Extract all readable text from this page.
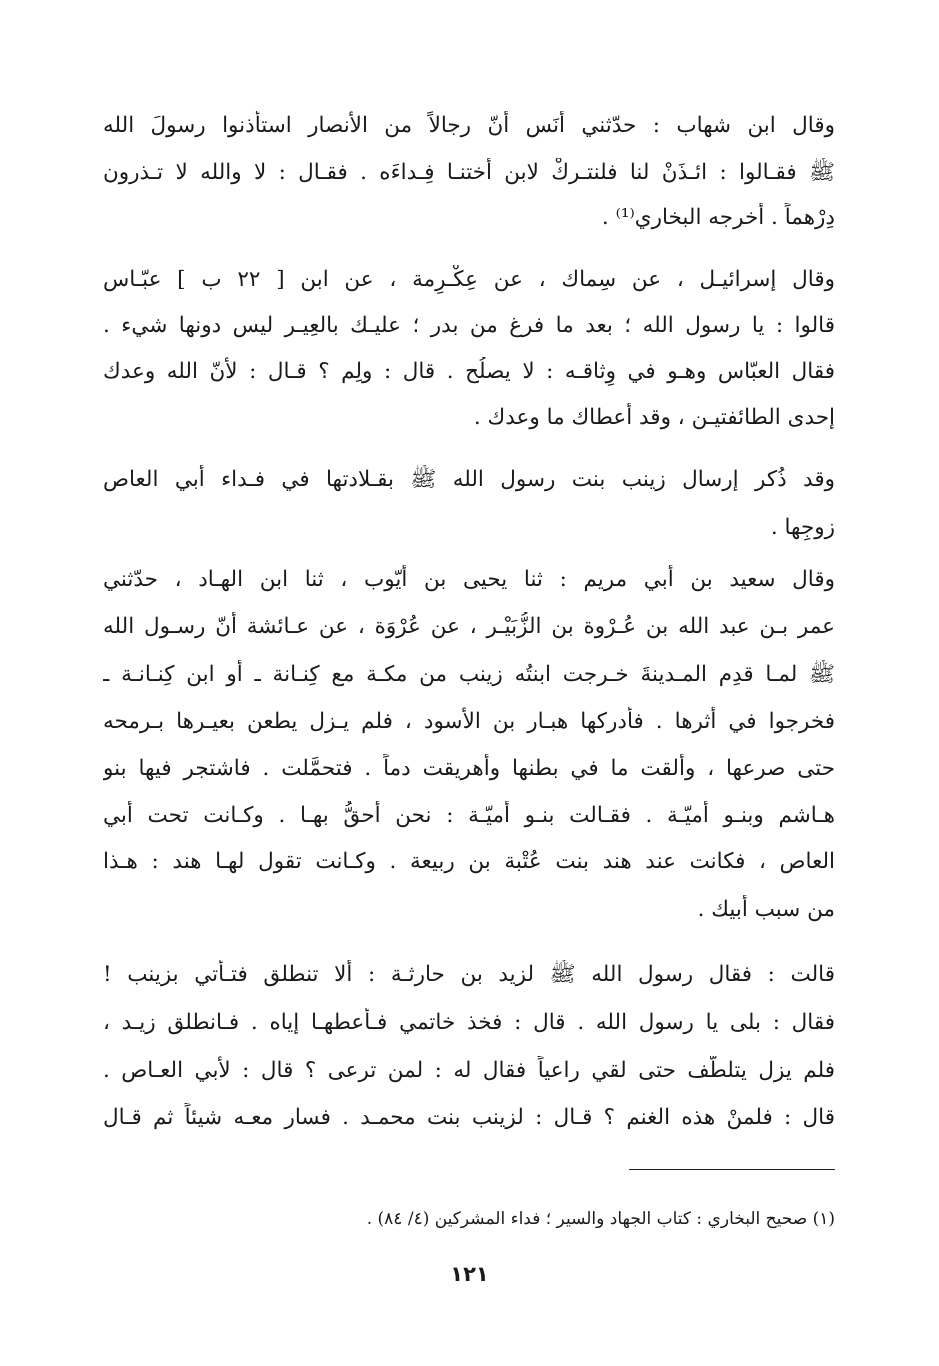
وقال ابن شهاب : حدّثني أَنَس أنّ رجالاً من الأنصار استأذنوا رسولَ الله
ﷺ فقـالوا : ائـذَنْ لنا فلنتـركْ لابن أختنـا فِـداءَه . فقـال : لا والله لا تـذرون
دِرْهماً . أخرجه البخاري⁽¹⁾ .
وقال إسرائيـل ، عن سِماك ، عن عِكْـرِمة ، عن ابن [ ٢٢ ب ] عبّـاس
قالوا : يا رسول الله ؛ بعد ما فرغ من بدر ؛ عليـك بالعِيـر ليس دونها شيء .
فقال العبّاس وهـو في وِثاقـه : لا يصلُح . قال : ولِم ؟ قـال : لأنّ الله وعدك
إحدى الطائفتيـن ، وقد أعطاك ما وعدك .
وقد ذُكر إرسال زينب بنت رسول الله ﷺ بقـلادتها في فـداء أبي العاص
زوجِها .
وقال سعيد بن أبي مريم : ثنا يحيى بن أيّوب ، ثنا ابن الهـاد ، حدّثني
عمر بـن عبد الله بن عُـرْوة بن الزُّبَيْـر ، عن عُرْوَة ، عن عـائشة أنّ رسـول الله
ﷺ لمـا قدِم المـدينةَ خـرجت ابنتُه زينب من مكـة مع كِنـانة ـ أو ابن كِنـانـة ـ
فخرجوا في أثرها . فأدركها هبـار بن الأسود ، فلم يـزل يطعن بعيـرها بـرمحه
حتى صرعها ، وألقت ما في بطنها وأهريقت دماً . فتحمَّلت . فاشتجر فيها بنو
هـاشم وبنـو أُميّـة . فقـالت بنـو أُميّـة : نحن أحقُّ بهـا . وكـانت تحت أبي
العاص ، فكانت عند هند بنت عُتْبة بن ربيعة . وكـانت تقول لهـا هند : هـذا
من سبب أبيك .
قالت : فقال رسول الله ﷺ لزيد بن حارثـة : ألا تنطلق فتـأتي بزينب !
فقال : بلى يا رسول الله . قال : فخذ خاتمي فـأعطهـا إياه . فـانطلق زيـد ،
فلم يزل يتلطّف حتى لقي راعياً فقال له : لمن ترعى ؟ قال : لأبي العـاص .
قال : فلمنْ هذه الغنم ؟ قـال : لزينب بنت محمـد . فسار معـه شيئاً ثم قـال
(١) صحيح البخاري : كتاب الجهاد والسير ؛ فداء المشركين (٤/ ٨٤) .
١٢١
